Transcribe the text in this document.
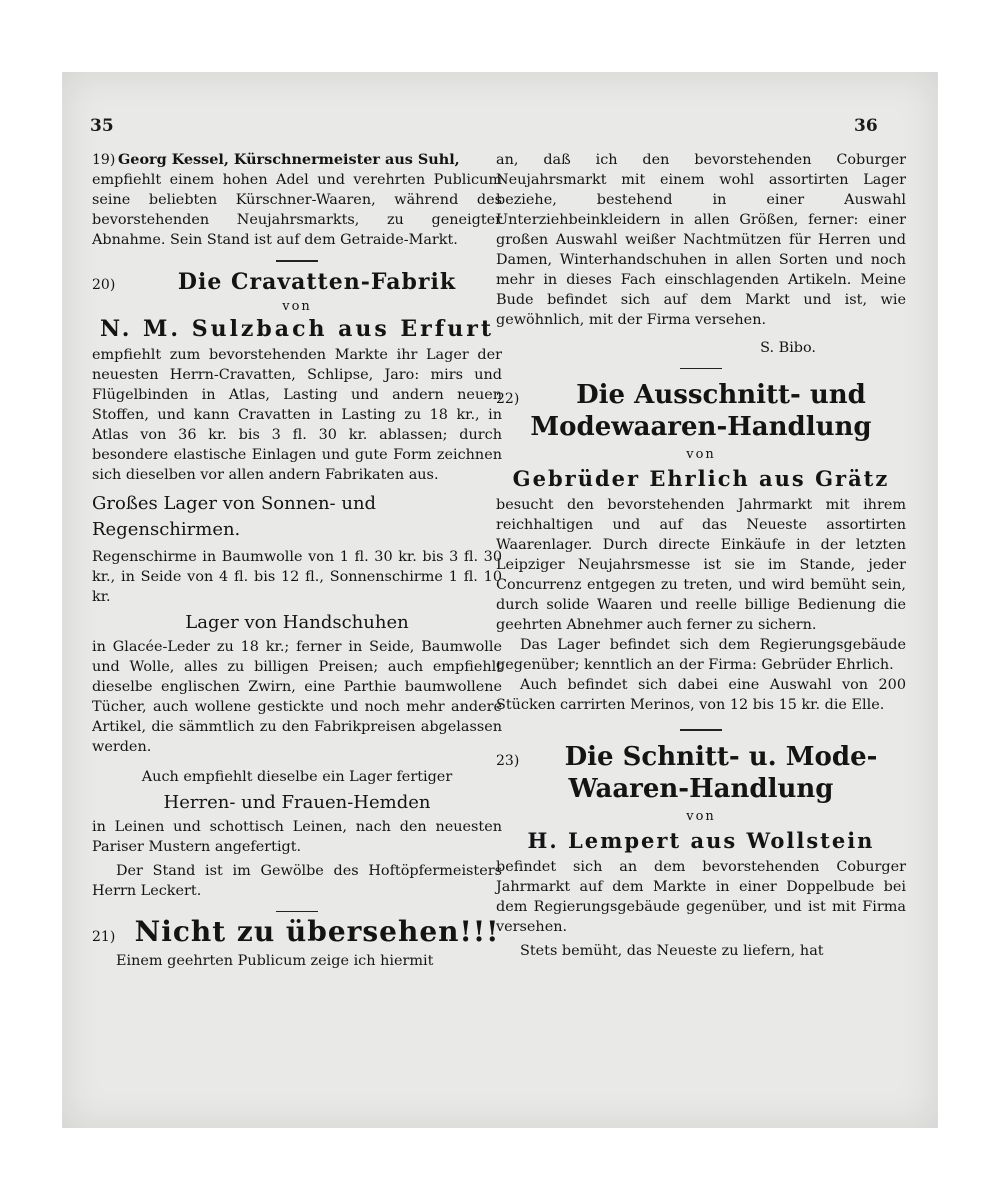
35	36
19) Georg Kessel, Kürschnermeister aus Suhl,

empfiehlt einem hohen Adel und verehrten Publicum seine beliebten Kürschner-Waaren, während des bevorstehenden Neujahrsmarkts, zu geneigter Abnahme. Sein Stand ist auf dem Getraide-Markt.

20)	Die Cravatten-Fabrik
von
N. M. Sulzbach aus Erfurt

empfiehlt zum bevorstehenden Markte ihr Lager der neuesten Herrn-Cravatten, Schlipse, Jaro: mirs und Flügelbinden in Atlas, Lasting und andern neuen Stoffen, und kann Cravatten in Lasting zu 18 kr., in Atlas von 36 kr. bis 3 fl. 30 kr. ablassen; durch besondere elastische Einlagen und gute Form zeichnen sich dieselben vor allen andern Fabrikaten aus.

Großes Lager von Sonnen- und Regenschirmen.

Regenschirme in Baumwolle von 1 fl. 30 kr. bis 3 fl. 30 kr., in Seide von 4 fl. bis 12 fl., Sonnenschirme 1 fl. 10 kr.

Lager von Handschuhen

in Glacée-Leder zu 18 kr.; ferner in Seide, Baumwolle und Wolle, alles zu billigen Preisen; auch empfiehlt dieselbe englischen Zwirn, eine Parthie baumwollene Tücher, auch wollene gestickte und noch mehr andere Artikel, die sämmtlich zu den Fabrikpreisen abgelassen werden.

Auch empfiehlt dieselbe ein Lager fertiger

Herren- und Frauen-Hemden

in Leinen und schottisch Leinen, nach den neuesten Pariser Mustern angefertigt.

Der Stand ist im Gewölbe des Hoftöpfermeisters Herrn Leckert.

21) Nicht zu übersehen!!!

Einem geehrten Publicum zeige ich hiermit

an, daß ich den bevorstehenden Coburger Neujahrsmarkt mit einem wohl assortirten Lager beziehe, bestehend in einer Auswahl Unterziehbeinkleidern in allen Größen, ferner: einer großen Auswahl weißer Nachtmützen für Herren und Damen, Winterhandschuhen in allen Sorten und noch mehr in dieses Fach einschlagenden Artikeln. Meine Bude befindet sich auf dem Markt und ist, wie gewöhnlich, mit der Firma versehen.

S. Bibo.
22)	Die Ausschnitt- und
Modewaaren-Handlung
von
Gebrüder Ehrlich aus Grätz

besucht den bevorstehenden Jahrmarkt mit ihrem reichhaltigen und auf das Neueste assortirten Waarenlager. Durch directe Einkäufe in der letzten Leipziger Neujahrsmesse ist sie im Stande, jeder Concurrenz entgegen zu treten, und wird bemüht sein, durch solide Waaren und reelle billige Bedienung die geehrten Abnehmer auch ferner zu sichern.

Das Lager befindet sich dem Regierungsgebäude gegenüber; kenntlich an der Firma: Gebrüder Ehrlich.

Auch befindet sich dabei eine Auswahl von 200 Stücken carrirten Merinos, von 12 bis 15 kr. die Elle.

23)	Die Schnitt- u. Mode-
Waaren-Handlung
von
H. Lempert aus Wollstein

befindet sich an dem bevorstehenden Coburger Jahrmarkt auf dem Markte in einer Doppelbude bei dem Regierungsgebäude gegenüber, und ist mit Firma versehen.

Stets bemüht, das Neueste zu liefern, hat
